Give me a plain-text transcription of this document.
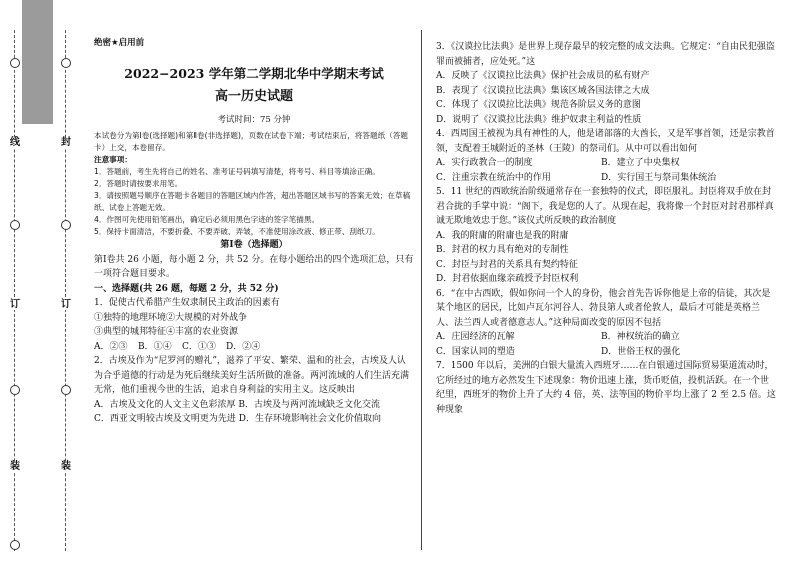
线	封
订	订
装	装

绝密★启用前

2022−2023 学年第二学期北华中学期末考试
高一历史试题

考试时间：75 分钟

本试卷分为第Ⅰ卷(选择题)和第Ⅱ卷(非选择题)，页数在试卷下端；考试结束后，将答题纸（答题卡）上交，本卷留存。

注意事项：

1．答题前，考生先将自己的姓名、准考证号码填写清楚，将考号、科目等填涂正确。

2．答题时请按要求用笔。

3．请按照题号顺序在答题卡各题目的答题区域内作答，超出答题区域书写的答案无效；在草稿纸、试卷上答题无效。

4．作图可先使用铅笔画出，确定后必须用黑色字迹的签字笔描黑。

5．保持卡面清洁，不要折叠、不要弄破、弄皱，不准使用涂改液、修正带、刮纸刀。

第Ⅰ卷（选择题）

第Ⅰ卷共 26 小题，每小题 2 分，共 52 分。在每小题给出的四个选项汇总，只有一项符合题目要求。

一、选择题(共 26 题，每题 2 分，共 52 分)

1．促使古代希腊产生奴隶制民主政治的因素有

①独特的地理环境②大规模的对外战争

③典型的城邦特征④丰富的农业资源

A．②③ B．①④ C．①③ D．②④

2．古埃及作为“尼罗河的赠礼”，滋养了平安、繁荣、温和的社会，古埃及人认为合乎道德的行动是为死后继续美好生活所做的准备。两河流域的人们生活充满无常，他们重视今世的生活，追求自身利益的实用主义。这反映出

A．古埃及文化的人文主义色彩浓厚 B．古埃及与两河流域缺乏文化交流

C．西亚文明较古埃及文明更为先进 D．生存环境影响社会文化价值取向

3．《汉谟拉比法典》是世界上现存最早的较完整的成文法典。它规定：“自由民犯强盗罪而被捕者，应处死。”这

A．反映了《汉谟拉比法典》保护社会成员的私有财产

B．表现了《汉谟拉比法典》集该区域各国法律之大成

C．体现了《汉谟拉比法典》规范各阶层义务的意图

D．说明了《汉谟拉比法典》维护奴隶主利益的性质

4．西周国王被视为具有神性的人，他是诸部落的大酋长，又是军事首领，还是宗教首领，支配着王城附近的圣林（王陵）的祭司们。从中可以看出如何

A．实行政教合一的制度	B．建立了中央集权

C．注重宗教在统治中的作用	D．实行国王与祭司集体统治

5．11 世纪的西欧统治阶级通常存在一套独特的仪式，即臣服礼。封臣将双手放在封君合拢的手掌中说：“阁下，我是您的人了。从现在起，我将像一个封臣对封君那样真诚无欺地效忠于您。”该仪式所反映的政治制度

A．我的附庸的附庸也是我的附庸

B．封君的权力具有绝对的专制性

C．封臣与封君的关系具有契约特征

D．封君依据血缘亲疏授予封臣权利

6．“在中古西欧，假如你问一个人的身份，他会首先告诉你他是上帝的信徒，其次是某个地区的居民，比如卢瓦尔河谷人、勃艮第人或者伦敦人，最后才可能是英格兰人、法兰西人或者德意志人。”这种局面改变的原因不包括

A．庄园经济的瓦解	B．神权统治的确立

C．国家认同的塑造	D．世俗王权的强化

7．1500 年以后，美洲的白银大量流入西班牙……在白银通过国际贸易渠道流动时，它所经过的地方必然发生下述现象：物价迅速上涨，货币贬值，投机活跃。在一个世纪里，西班牙的物价上升了大约 4 倍，英、法等国的物价平均上涨了 2 至 2.5 倍。这种现象
